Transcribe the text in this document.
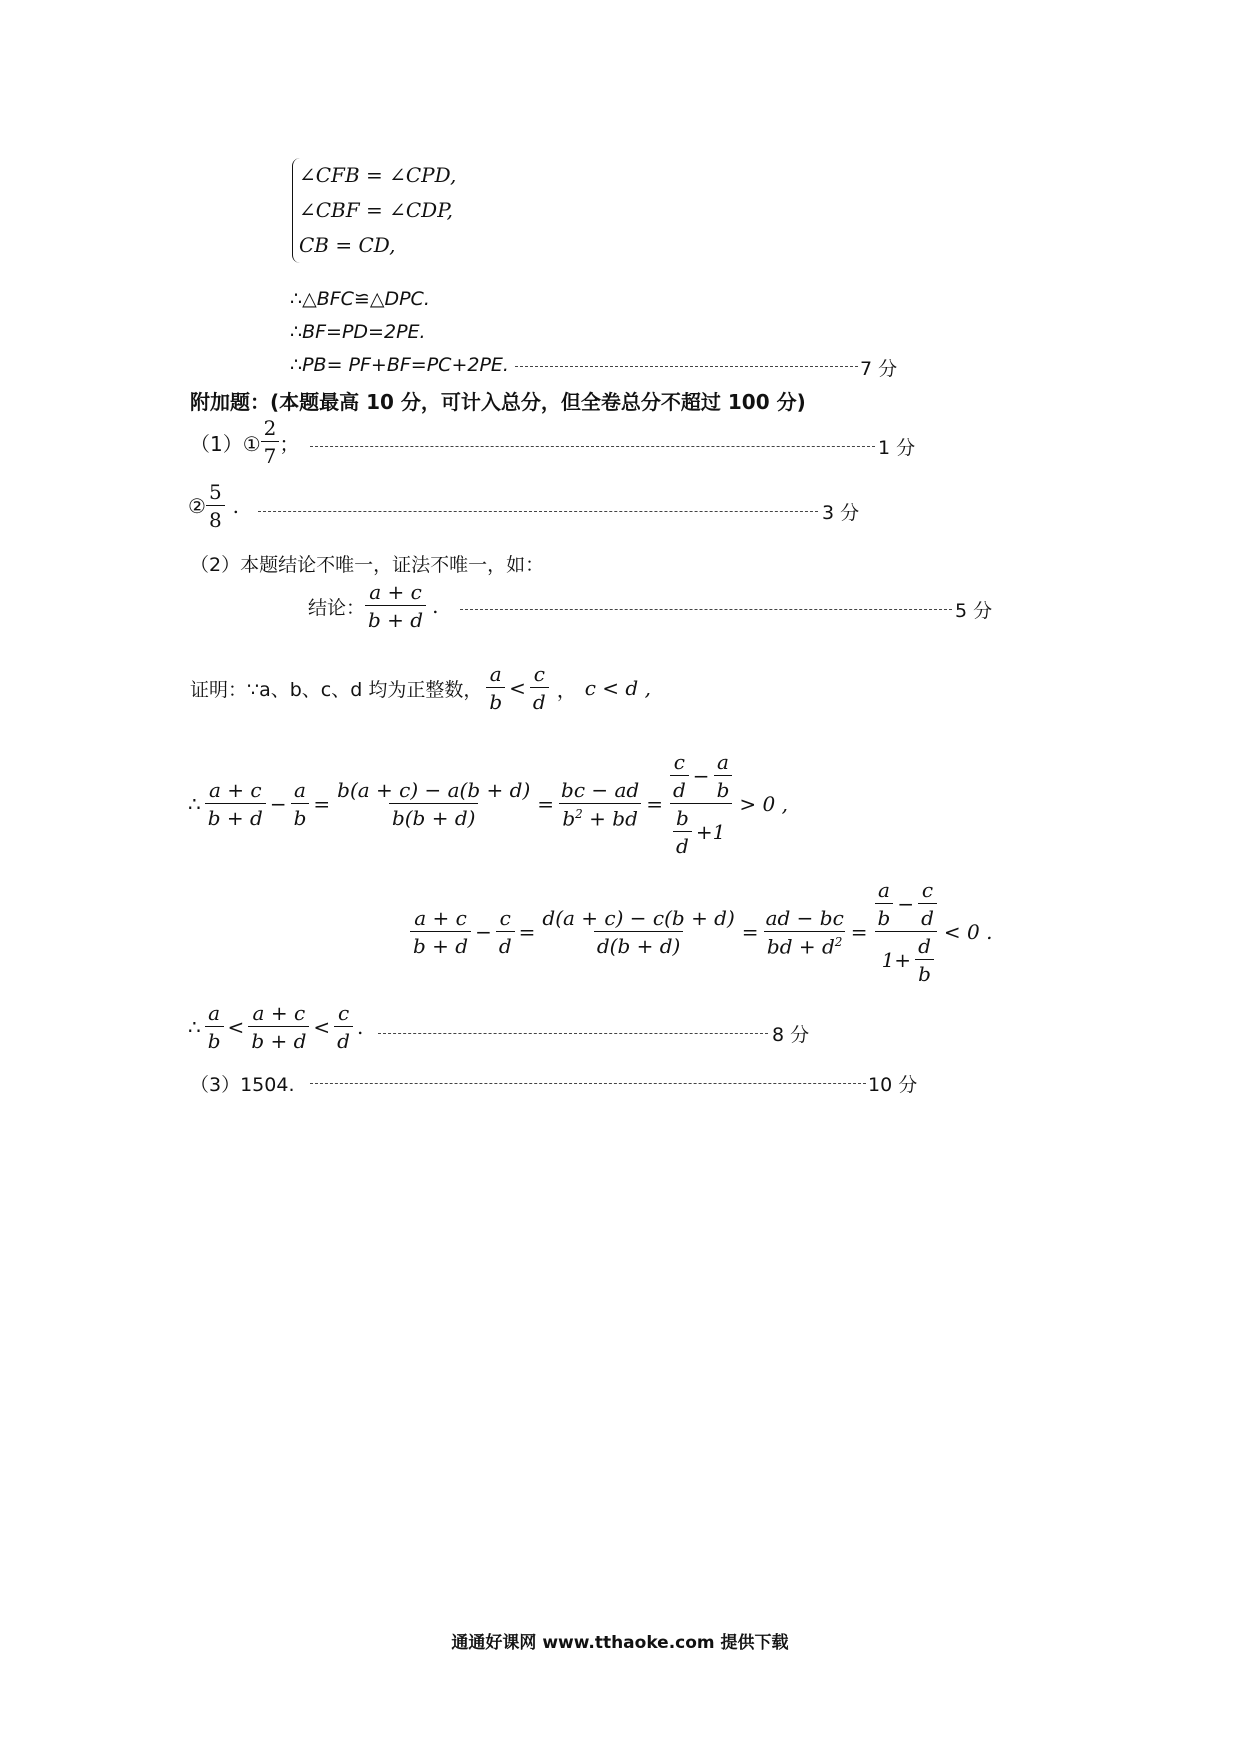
∠CFB = ∠CPD,
∠CBF = ∠CDP,
CB = CD,
∴△BFC≌△DPC.
∴BF=PD=2PE.
∴PB= PF+BF=PC+2PE.	7 分
附加题：(本题最高 10 分，可计入总分，但全卷总分不超过 100 分)
（1）① $\frac{2}{7}$ ；	1 分
② $\frac{5}{8}$ .	3 分
（2）本题结论不唯一，证法不唯一，如：
结论： $\frac{a + c}{b + d}$ .	5 分
证明：∵a、b、c、d 均为正整数， $\frac{a}{b} < \frac{c}{d}$ ， c < d ,
∴ $\frac{a + c}{b + d} - \frac{a}{b} = \frac{b(a + c) - a(b + d)}{b(b + d)} = \frac{bc - ad}{b^2 + bd} = \frac{\frac{c}{d} - \frac{a}{b}}{\frac{b}{d} +1} > 0$ ,
$\frac{a + c}{b + d} - \frac{c}{d} = \frac{d(a + c) - c(b + d)}{d(b + d)} = \frac{ad - bc}{bd + d^2} = \frac{\frac{a}{b} - \frac{c}{d}}{1+ \frac{d}{b}} < 0$ .
∴ $\frac{a}{b} < \frac{a + c}{b + d} < \frac{c}{d}$ .	8 分
（3）1504.	10 分
通通好课网 www.tthaoke.com 提供下载
